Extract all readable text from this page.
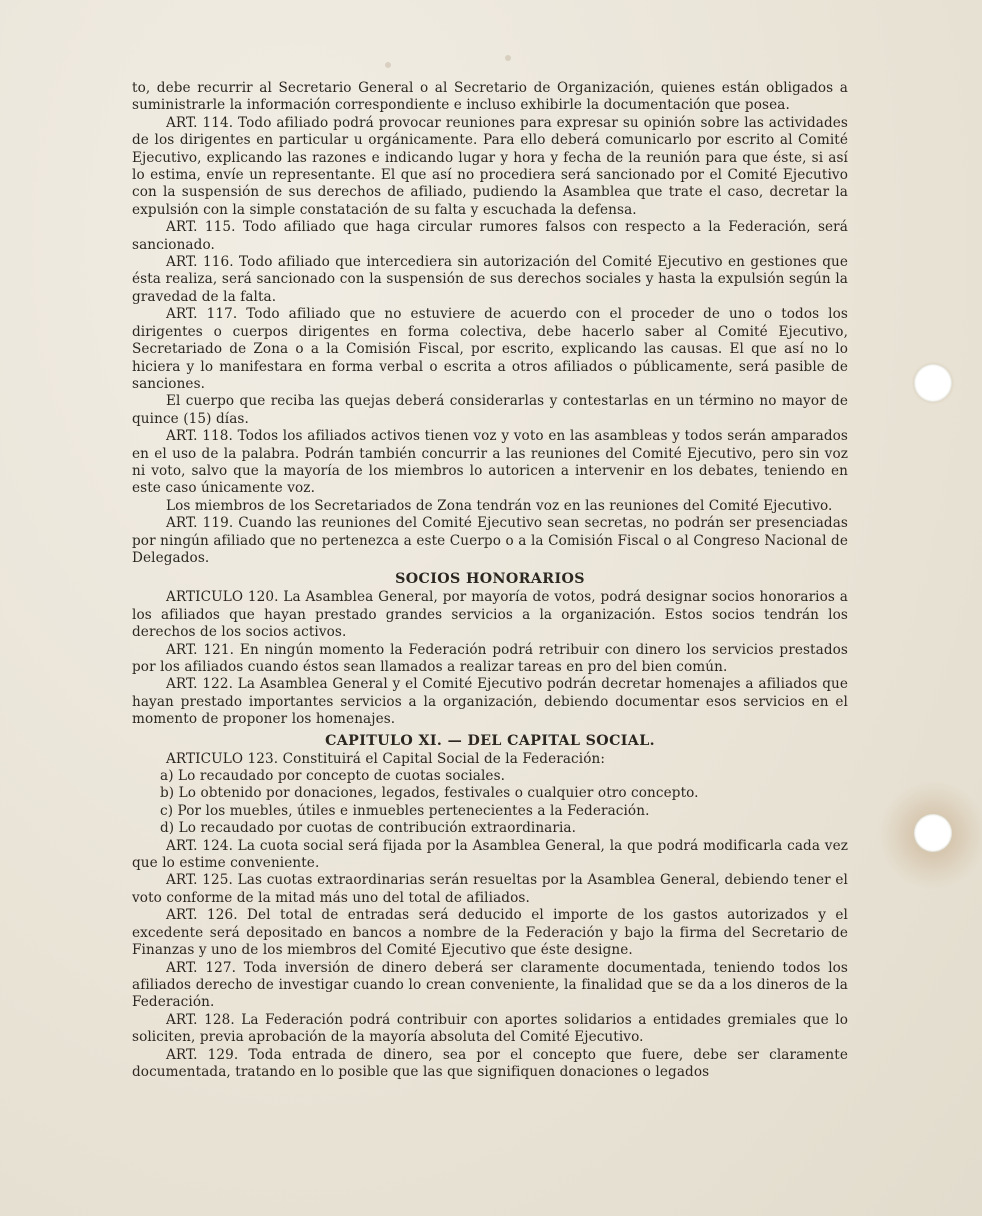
to, debe recurrir al Secretario General o al Secretario de Organización, quienes están obligados a suministrarle la información correspondiente e incluso exhibirle la documentación que posea.

ART. 114. Todo afiliado podrá provocar reuniones para expresar su opinión sobre las actividades de los dirigentes en particular u orgánicamente. Para ello deberá comunicarlo por escrito al Comité Ejecutivo, explicando las razones e indicando lugar y hora y fecha de la reunión para que éste, si así lo estima, envíe un representante. El que así no procediera será sancionado por el Comité Ejecutivo con la suspensión de sus derechos de afiliado, pudiendo la Asamblea que trate el caso, decretar la expulsión con la simple constatación de su falta y escuchada la defensa.

ART. 115. Todo afiliado que haga circular rumores falsos con respecto a la Federación, será sancionado.

ART. 116. Todo afiliado que intercediera sin autorización del Comité Ejecutivo en gestiones que ésta realiza, será sancionado con la suspensión de sus derechos sociales y hasta la expulsión según la gravedad de la falta.

ART. 117. Todo afiliado que no estuviere de acuerdo con el proceder de uno o todos los dirigentes o cuerpos dirigentes en forma colectiva, debe hacerlo saber al Comité Ejecutivo, Secretariado de Zona o a la Comisión Fiscal, por escrito, explicando las causas. El que así no lo hiciera y lo manifestara en forma verbal o escrita a otros afiliados o públicamente, será pasible de sanciones.

El cuerpo que reciba las quejas deberá considerarlas y contestarlas en un término no mayor de quince (15) días.

ART. 118. Todos los afiliados activos tienen voz y voto en las asambleas y todos serán amparados en el uso de la palabra. Podrán también concurrir a las reuniones del Comité Ejecutivo, pero sin voz ni voto, salvo que la mayoría de los miembros lo autoricen a intervenir en los debates, teniendo en este caso únicamente voz.

Los miembros de los Secretariados de Zona tendrán voz en las reuniones del Comité Ejecutivo.

ART. 119. Cuando las reuniones del Comité Ejecutivo sean secretas, no podrán ser presenciadas por ningún afiliado que no pertenezca a este Cuerpo o a la Comisión Fiscal o al Congreso Nacional de Delegados.

SOCIOS HONORARIOS

ARTICULO 120. La Asamblea General, por mayoría de votos, podrá designar socios honorarios a los afiliados que hayan prestado grandes servicios a la organización. Estos socios tendrán los derechos de los socios activos.

ART. 121. En ningún momento la Federación podrá retribuir con dinero los servicios prestados por los afiliados cuando éstos sean llamados a realizar tareas en pro del bien común.

ART. 122. La Asamblea General y el Comité Ejecutivo podrán decretar homenajes a afiliados que hayan prestado importantes servicios a la organización, debiendo documentar esos servicios en el momento de proponer los homenajes.

CAPITULO XI. — DEL CAPITAL SOCIAL.

ARTICULO 123. Constituirá el Capital Social de la Federación:

a) Lo recaudado por concepto de cuotas sociales.

b) Lo obtenido por donaciones, legados, festivales o cualquier otro concepto.

c) Por los muebles, útiles e inmuebles pertenecientes a la Federación.

d) Lo recaudado por cuotas de contribución extraordinaria.

ART. 124. La cuota social será fijada por la Asamblea General, la que podrá modificarla cada vez que lo estime conveniente.

ART. 125. Las cuotas extraordinarias serán resueltas por la Asamblea General, debiendo tener el voto conforme de la mitad más uno del total de afiliados.

ART. 126. Del total de entradas será deducido el importe de los gastos autorizados y el excedente será depositado en bancos a nombre de la Federación y bajo la firma del Secretario de Finanzas y uno de los miembros del Comité Ejecutivo que éste designe.

ART. 127. Toda inversión de dinero deberá ser claramente documentada, teniendo todos los afiliados derecho de investigar cuando lo crean conveniente, la finalidad que se da a los dineros de la Federación.

ART. 128. La Federación podrá contribuir con aportes solidarios a entidades gremiales que lo soliciten, previa aprobación de la mayoría absoluta del Comité Ejecutivo.

ART. 129. Toda entrada de dinero, sea por el concepto que fuere, debe ser claramente documentada, tratando en lo posible que las que signifiquen donaciones o legados
